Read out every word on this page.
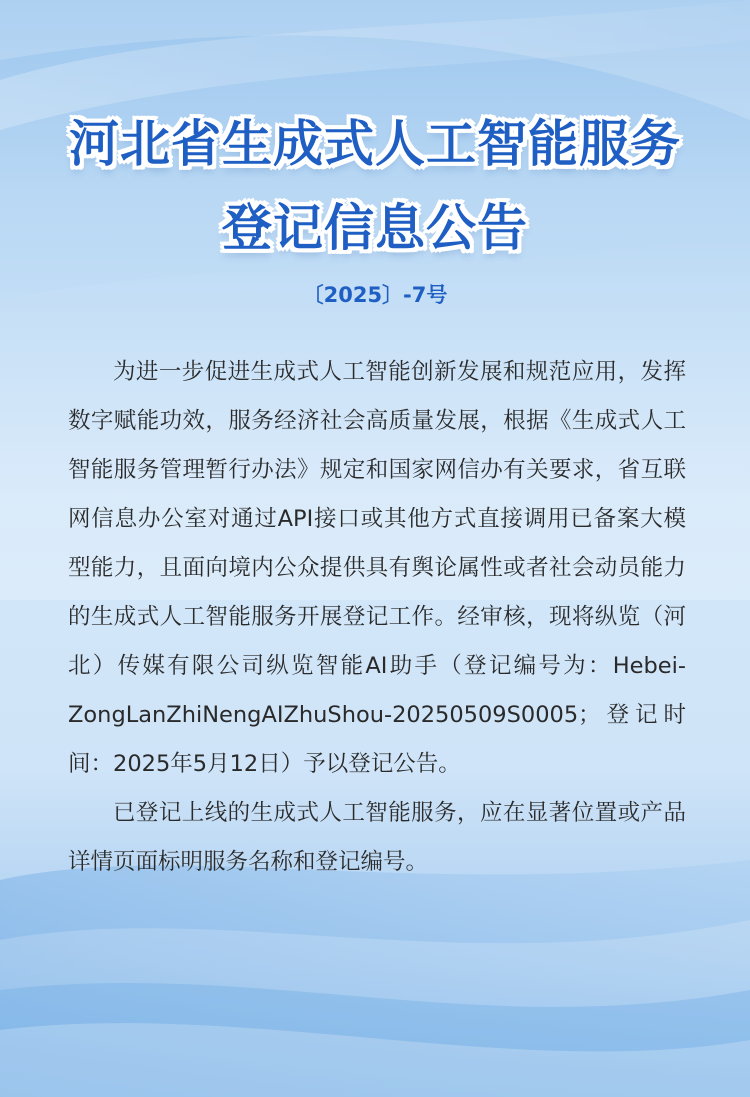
河北省生成式人工智能服务
登记信息公告
〔2025〕-7号

为进一步促进生成式人工智能创新发展和规范应用，发挥数字赋能功效，服务经济社会高质量发展，根据《生成式人工智能服务管理暂行办法》规定和国家网信办有关要求，省互联网信息办公室对通过API接口或其他方式直接调用已备案大模型能力，且面向境内公众提供具有舆论属性或者社会动员能力的生成式人工智能服务开展登记工作。经审核，现将纵览（河北）传媒有限公司纵览智能AI助手（登记编号为：Hebei-ZongLanZhiNengAIZhuShou-20250509S0005；登记时间：2025年5月12日）予以登记公告。

已登记上线的生成式人工智能服务，应在显著位置或产品详情页面标明服务名称和登记编号。
